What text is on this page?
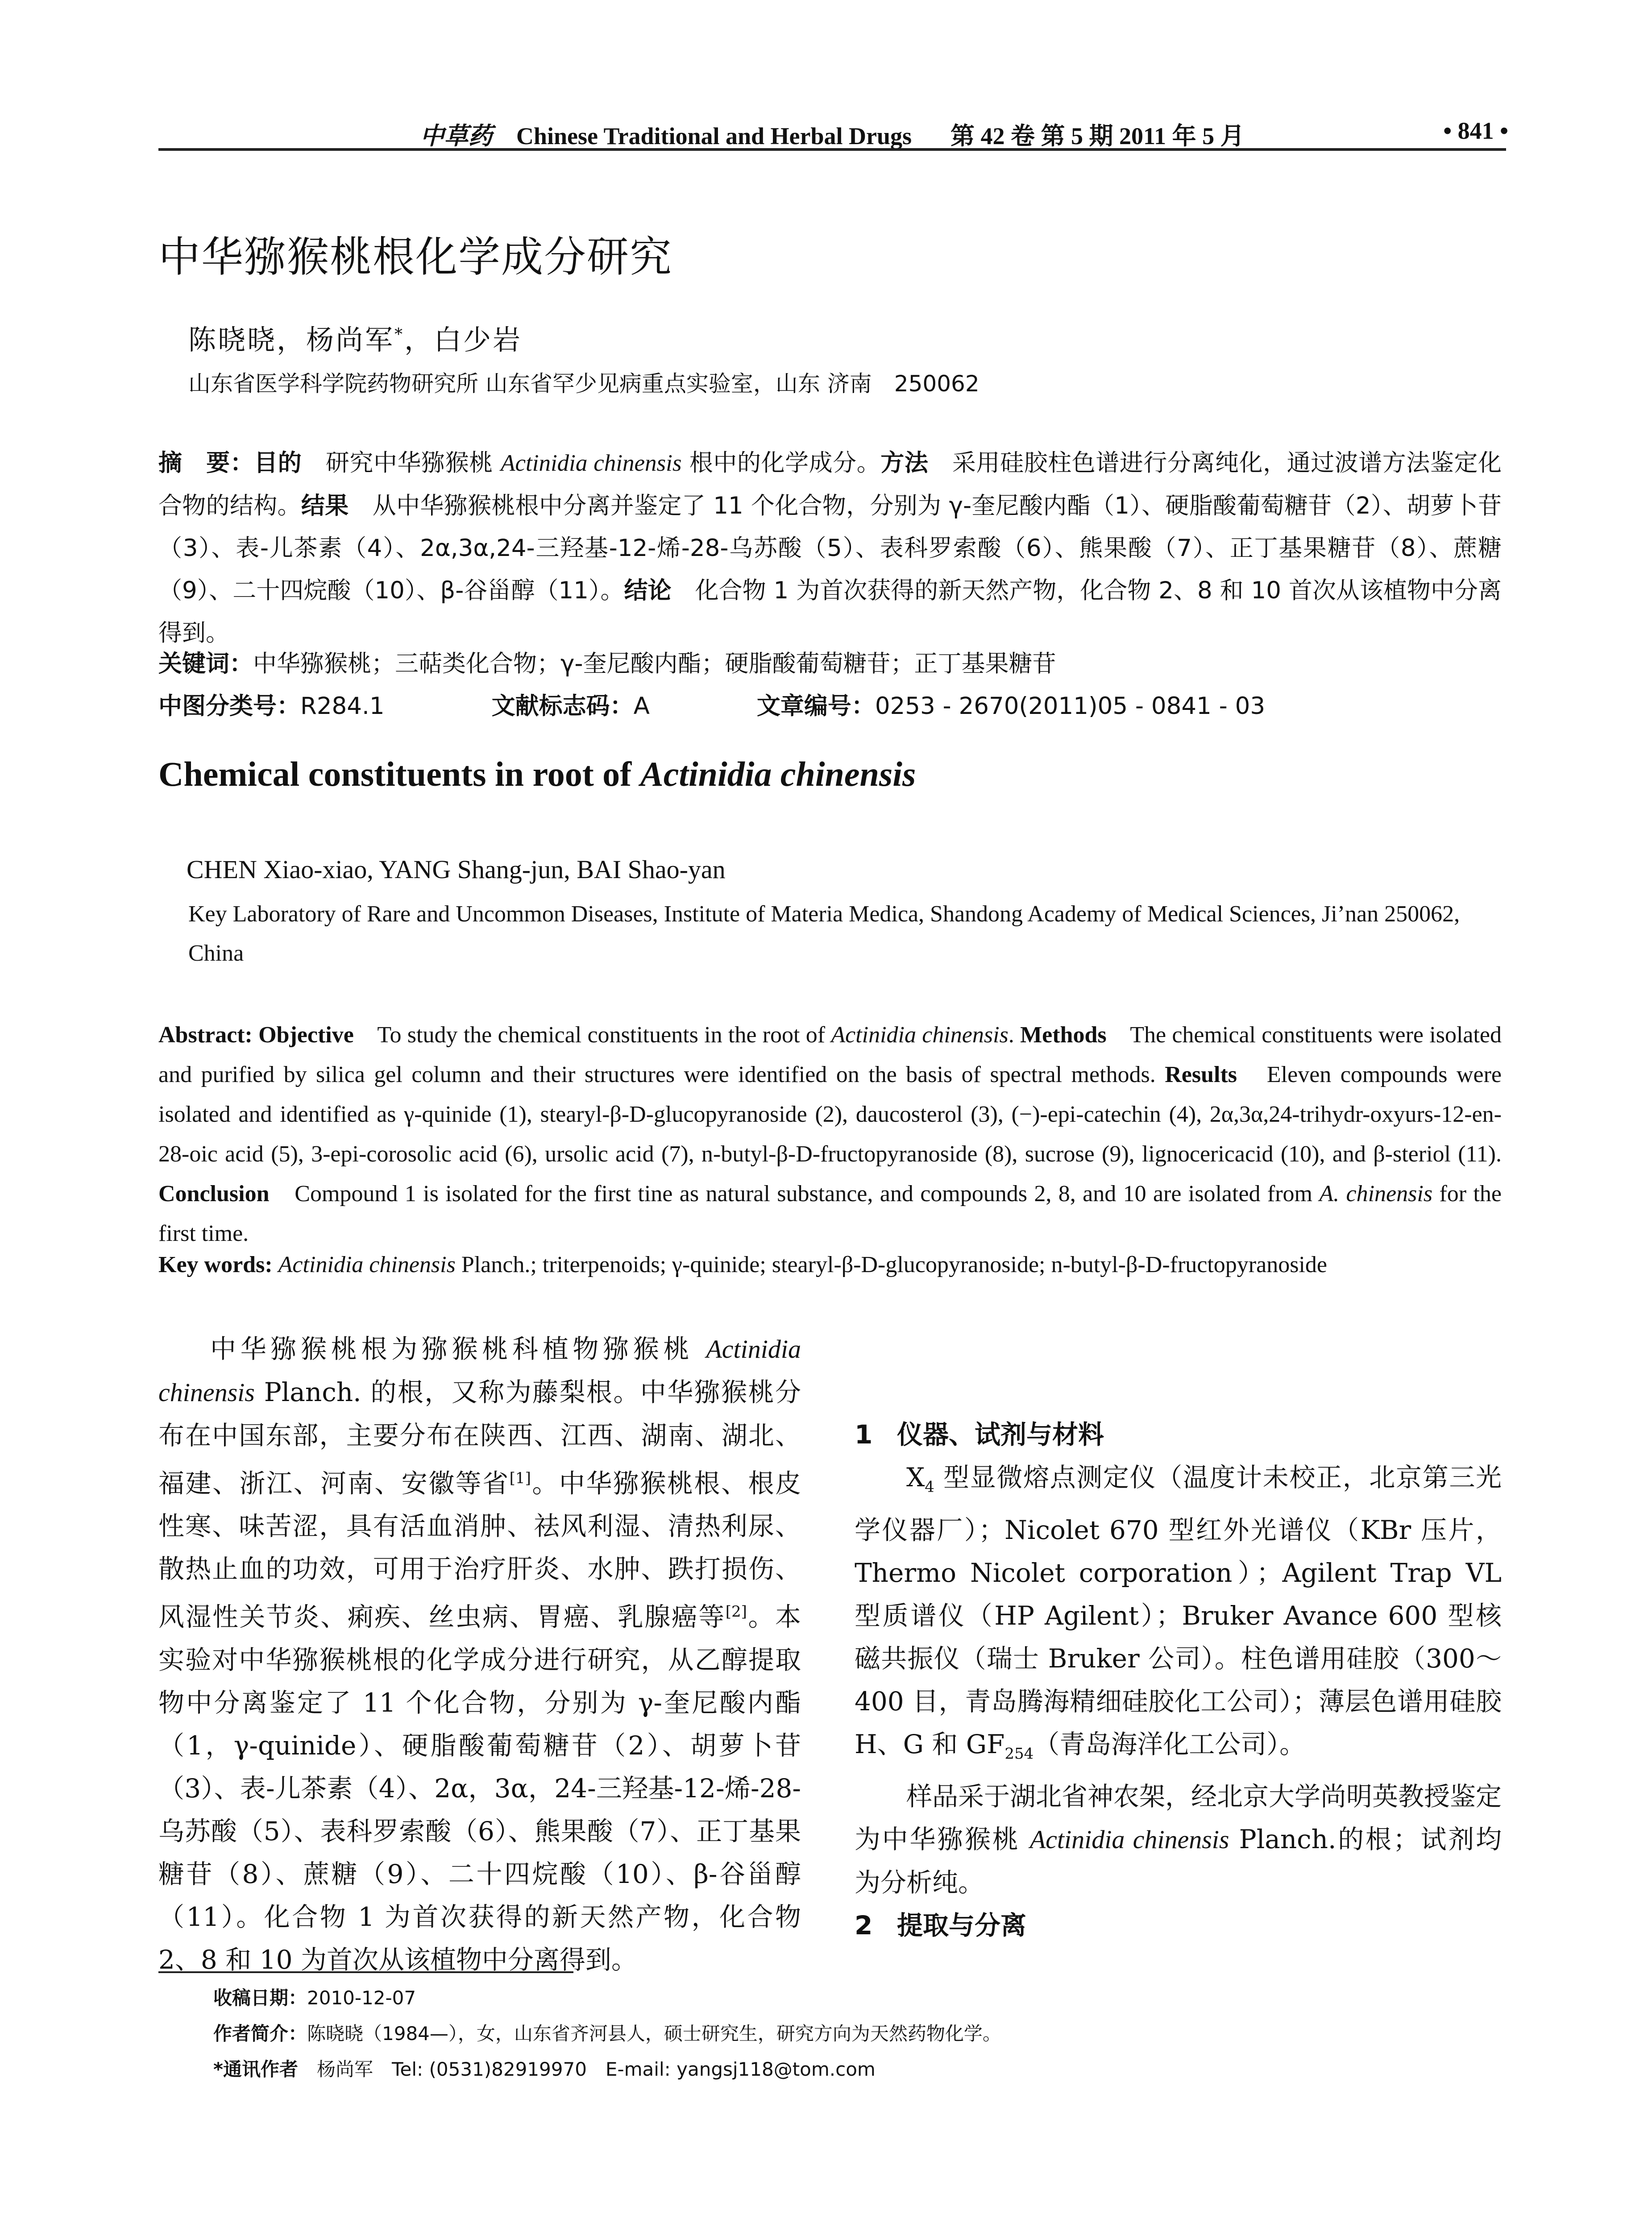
中草药 Chinese Traditional and Herbal Drugs 第 42 卷 第 5 期 2011 年 5 月	• 841 •
中华猕猴桃根化学成分研究
陈晓晓，杨尚军*，白少岩
山东省医学科学院药物研究所 山东省罕少见病重点实验室，山东 济南　250062
摘　要：目的　研究中华猕猴桃 Actinidia chinensis 根中的化学成分。方法　采用硅胶柱色谱进行分离纯化，通过波谱方法鉴定化合物的结构。结果　从中华猕猴桃根中分离并鉴定了 11 个化合物，分别为 γ-奎尼酸内酯（1）、硬脂酸葡萄糖苷（2）、胡萝卜苷（3）、表-儿茶素（4）、2α,3α,24-三羟基-12-烯-28-乌苏酸（5）、表科罗索酸（6）、熊果酸（7）、正丁基果糖苷（8）、蔗糖（9）、二十四烷酸（10）、β-谷甾醇（11）。结论　化合物 1 为首次获得的新天然产物，化合物 2、8 和 10 首次从该植物中分离得到。
关键词：中华猕猴桃；三萜类化合物；γ-奎尼酸内酯；硬脂酸葡萄糖苷；正丁基果糖苷
中图分类号：R284.1	文献标志码：A	文章编号：0253 - 2670(2011)05 - 0841 - 03
Chemical constituents in root of Actinidia chinensis
CHEN Xiao-xiao, YANG Shang-jun, BAI Shao-yan
Key Laboratory of Rare and Uncommon Diseases, Institute of Materia Medica, Shandong Academy of Medical Sciences, Ji’nan 250062, China
Abstract: Objective　To study the chemical constituents in the root of Actinidia chinensis. Methods　The chemical constituents were isolated and purified by silica gel column and their structures were identified on the basis of spectral methods. Results　Eleven compounds were isolated and identified as γ-quinide (1), stearyl-β-D-glucopyranoside (2), daucosterol (3), (−)-epi-catechin (4), 2α,3α,24-trihydr-oxyurs-12-en-28-oic acid (5), 3-epi-corosolic acid (6), ursolic acid (7), n-butyl-β-D-fructopyranoside (8), sucrose (9), lignocericacid (10), and β-steriol (11). Conclusion　Compound 1 is isolated for the first tine as natural substance, and compounds 2, 8, and 10 are isolated from A. chinensis for the first time.
Key words: Actinidia chinensis Planch.; triterpenoids; γ-quinide; stearyl-β-D-glucopyranoside; n-butyl-β-D-fructopyranoside

中华猕猴桃根为猕猴桃科植物猕猴桃 Actinidia chinensis Planch. 的根，又称为藤梨根。中华猕猴桃分布在中国东部，主要分布在陕西、江西、湖南、湖北、福建、浙江、河南、安徽等省[1]。中华猕猴桃根、根皮性寒、味苦涩，具有活血消肿、祛风利湿、清热利尿、散热止血的功效，可用于治疗肝炎、水肿、跌打损伤、风湿性关节炎、痢疾、丝虫病、胃癌、乳腺癌等[2]。本实验对中华猕猴桃根的化学成分进行研究，从乙醇提取物中分离鉴定了 11 个化合物，分别为 γ-奎尼酸内酯（1，γ-quinide）、硬脂酸葡萄糖苷（2）、胡萝卜苷（3）、表-儿茶素（4）、2α，3α，24-三羟基-12-烯-28-乌苏酸（5）、表科罗索酸（6）、熊果酸（7）、正丁基果糖苷（8）、蔗糖（9）、二十四烷酸（10）、β-谷甾醇（11）。化合物 1 为首次获得的新天然产物，化合物 2、8 和 10 为首次从该植物中分离得到。

1 仪器、试剂与材料

$X_4$ 型显微熔点测定仪（温度计未校正，北京第三光学仪器厂）；Nicolet 670 型红外光谱仪（KBr 压片，Thermo Nicolet corporation）；Agilent Trap VL 型质谱仪（HP Agilent）；Bruker Avance 600 型核磁共振仪（瑞士 Bruker 公司）。柱色谱用硅胶（300～400 目，青岛腾海精细硅胶化工公司）；薄层色谱用硅胶 H、G 和 $GF_{254}$（青岛海洋化工公司）。

样品采于湖北省神农架，经北京大学尚明英教授鉴定为中华猕猴桃 Actinidia chinensis Planch.的根；试剂均为分析纯。

2 提取与分离
收稿日期：2010-12-07
作者简介：陈晓晓（1984—），女，山东省齐河县人，硕士研究生，研究方向为天然药物化学。
*通讯作者　杨尚军　Tel: (0531)82919970　E-mail: yangsj118@tom.com
